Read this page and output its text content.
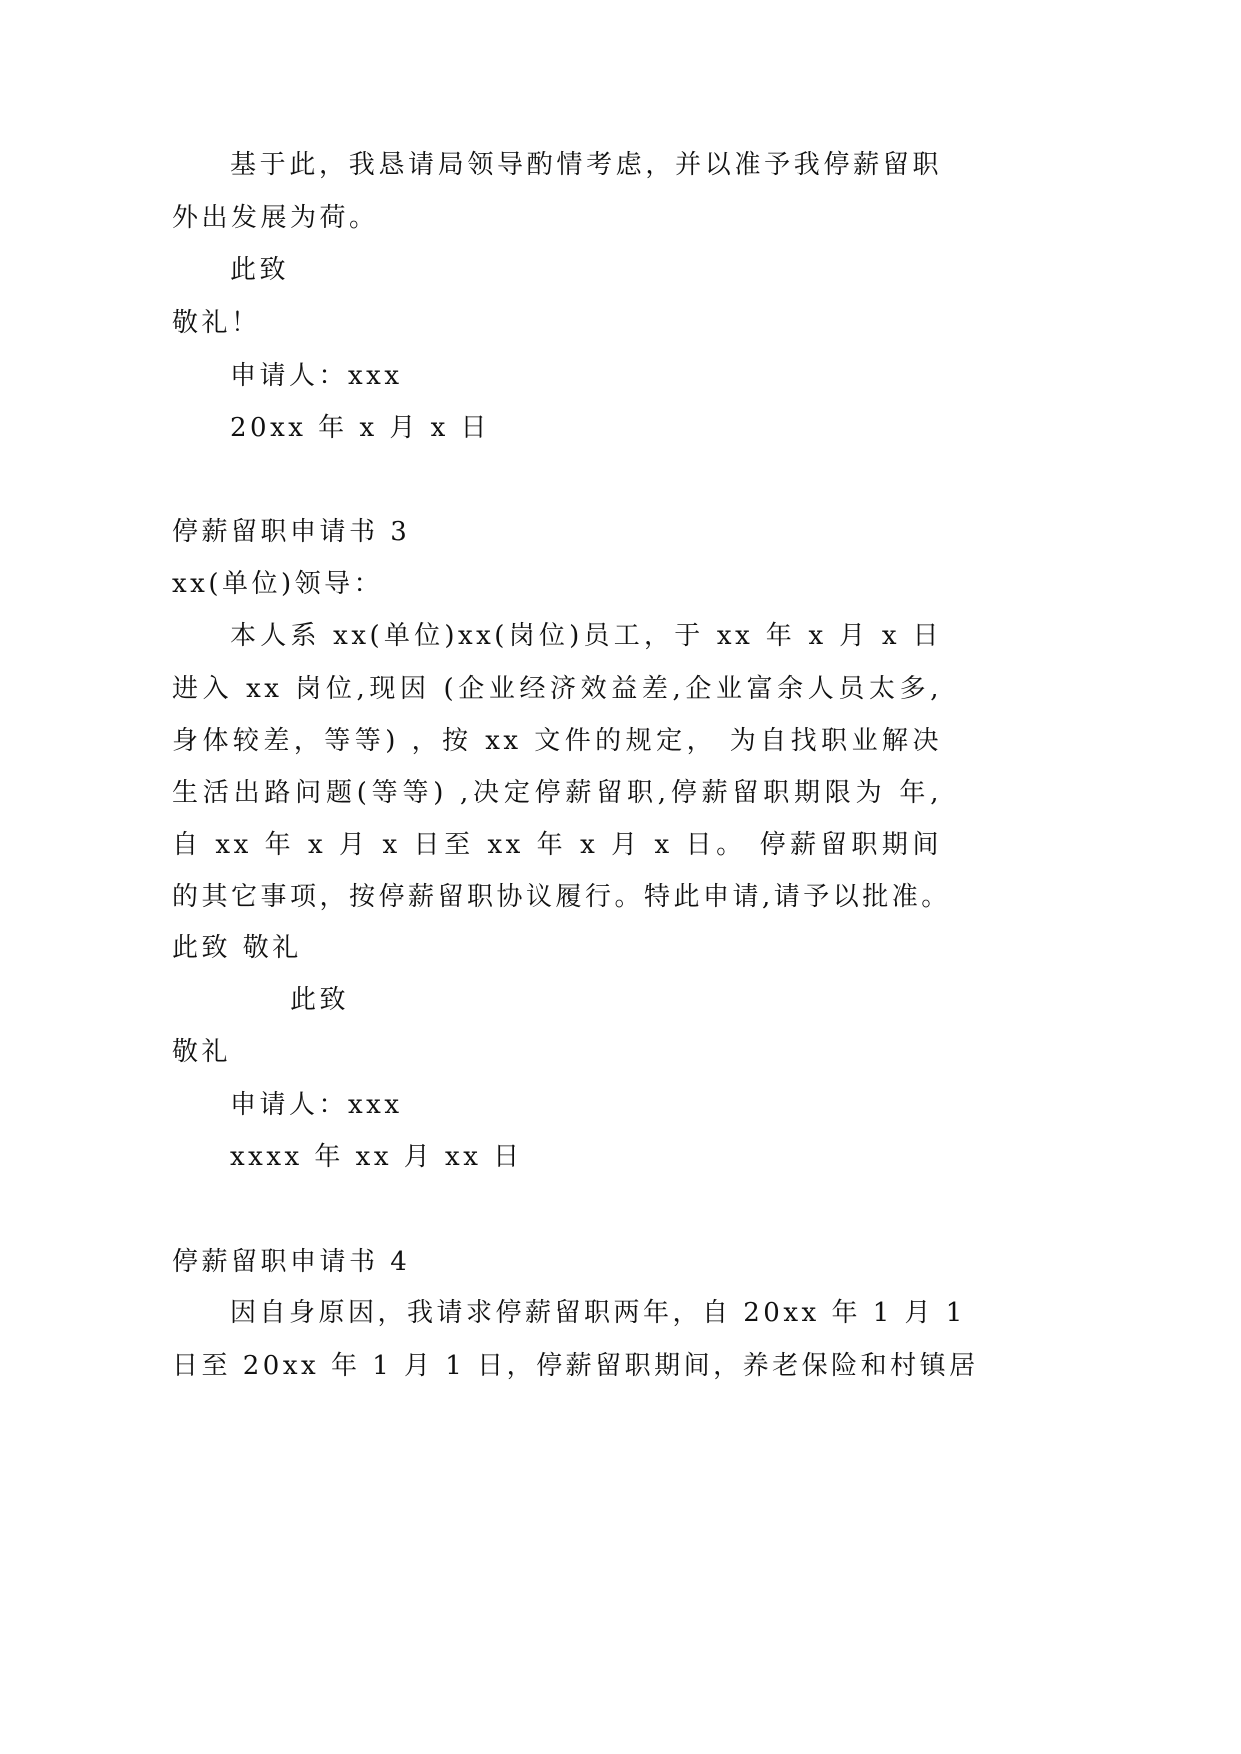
基于此，我恳请局领导酌情考虑，并以准予我停薪留职

外出发展为荷。

此致

敬礼！

申请人：xxx

20xx 年 x 月 x 日

停薪留职申请书 3

xx(单位)领导：

本人系 xx(单位)xx(岗位)员工，于 xx 年 x 月 x 日

进入 xx 岗位,现因 (企业经济效益差,企业富余人员太多,

身体较差，等等) ，按 xx 文件的规定， 为自找职业解决

生活出路问题(等等) ,决定停薪留职,停薪留职期限为 年,

自 xx 年 x 月 x 日至 xx 年 x 月 x 日。 停薪留职期间

的其它事项，按停薪留职协议履行。特此申请,请予以批准。

此致 敬礼

此致

敬礼

申请人：xxx

xxxx 年 xx 月 xx 日

停薪留职申请书 4

因自身原因，我请求停薪留职两年，自 20xx 年 1 月 1

日至 20xx 年 1 月 1 日，停薪留职期间，养老保险和村镇居
